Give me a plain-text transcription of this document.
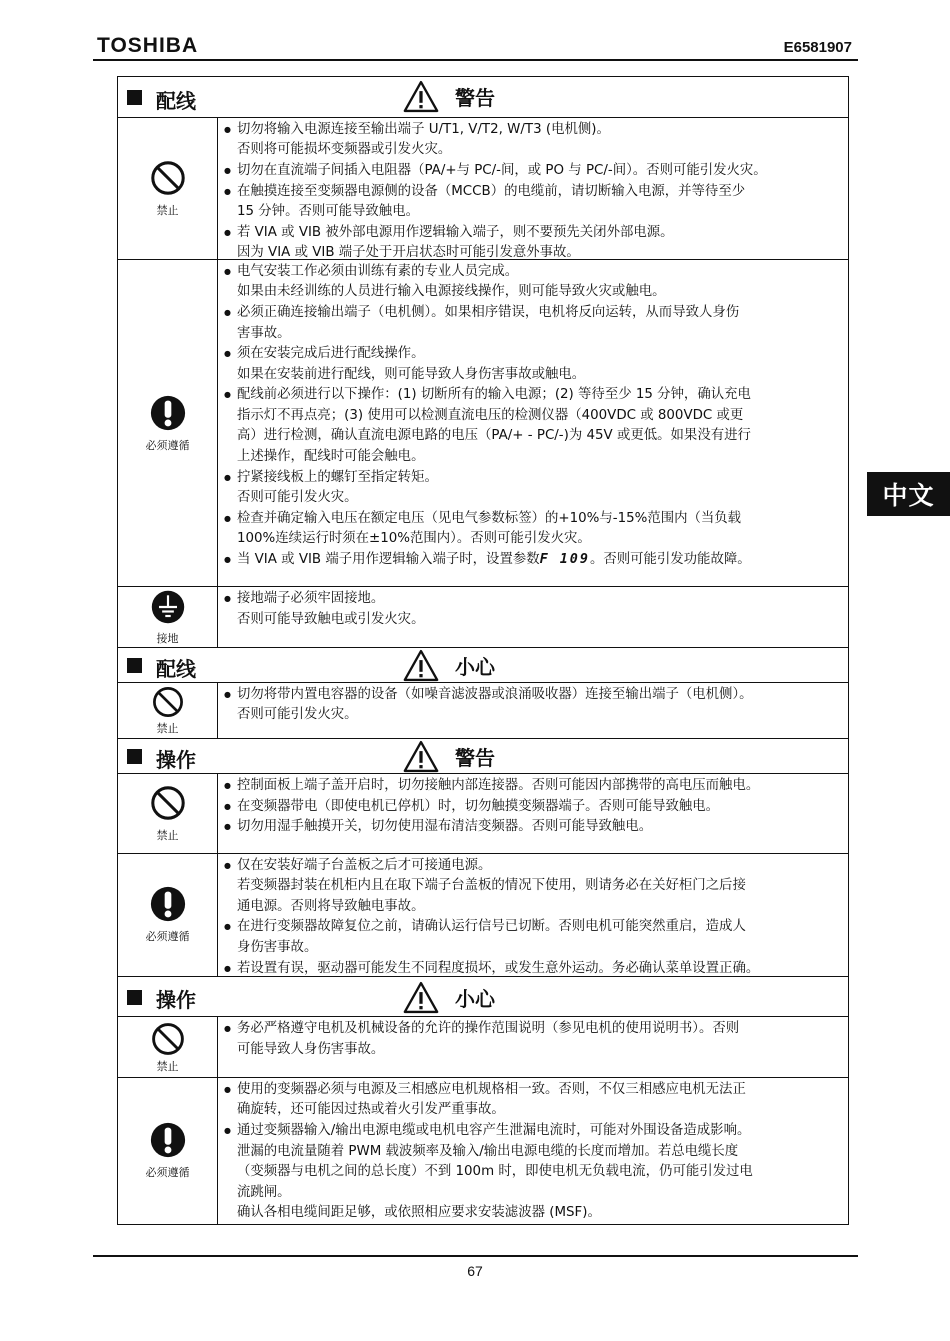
TOSHIBA	E6581907
中文
配线	警告
禁止
● 切勿将输入电源连接至输出端子 U/T1, V/T2, W/T3 (电机侧)。
否则将可能损坏变频器或引发火灾。
● 切勿在直流端子间插入电阻器（PA/+与 PC/-间，或 PO 与 PC/-间）。否则可能引发火灾。
● 在触摸连接至变频器电源侧的设备（MCCB）的电缆前，请切断输入电源，并等待至少
15 分钟。否则可能导致触电。
● 若 VIA 或 VIB 被外部电源用作逻辑输入端子，则不要预先关闭外部电源。
因为 VIA 或 VIB 端子处于开启状态时可能引发意外事故。
必须遵循
● 电气安装工作必须由训练有素的专业人员完成。
如果由未经训练的人员进行输入电源接线操作，则可能导致火灾或触电。
● 必须正确连接输出端子（电机侧）。如果相序错误，电机将反向运转，从而导致人身伤
害事故。
● 须在安装完成后进行配线操作。
如果在安装前进行配线，则可能导致人身伤害事故或触电。
● 配线前必须进行以下操作：(1) 切断所有的输入电源；(2) 等待至少 15 分钟，确认充电
指示灯不再点亮；(3) 使用可以检测直流电压的检测仪器（400VDC 或 800VDC 或更
高）进行检测，确认直流电源电路的电压（PA/+ - PC/-)为 45V 或更低。如果没有进行
上述操作，配线时可能会触电。
● 拧紧接线板上的螺钉至指定转矩。
否则可能引发火灾。
● 检查并确定输入电压在额定电压（见电气参数标签）的+10%与-15%范围内（当负载
100%连续运行时须在±10%范围内）。否则可能引发火灾。
● 当 VIA 或 VIB 端子用作逻辑输入端子时，设置参数F 109。否则可能引发功能故障。
接地
● 接地端子必须牢固接地。
否则可能导致触电或引发火灾。
配线	小心
禁止
● 切勿将带内置电容器的设备（如噪音滤波器或浪涌吸收器）连接至输出端子（电机侧）。
否则可能引发火灾。
操作	警告
禁止
● 控制面板上端子盖开启时，切勿接触内部连接器。否则可能因内部携带的高电压而触电。
● 在变频器带电（即使电机已停机）时，切勿触摸变频器端子。否则可能导致触电。
● 切勿用湿手触摸开关，切勿使用湿布清洁变频器。否则可能导致触电。
必须遵循
● 仅在安装好端子台盖板之后才可接通电源。
若变频器封装在机柜内且在取下端子台盖板的情况下使用，则请务必在关好柜门之后接
通电源。否则将导致触电事故。
● 在进行变频器故障复位之前，请确认运行信号已切断。否则电机可能突然重启，造成人
身伤害事故。
● 若设置有误，驱动器可能发生不同程度损坏，或发生意外运动。务必确认菜单设置正确。
操作	小心
禁止
● 务必严格遵守电机及机械设备的允许的操作范围说明（参见电机的使用说明书）。否则
可能导致人身伤害事故。
必须遵循
● 使用的变频器必须与电源及三相感应电机规格相一致。否则，不仅三相感应电机无法正
确旋转，还可能因过热或着火引发严重事故。
● 通过变频器输入/输出电源电缆或电机电容产生泄漏电流时，可能对外围设备造成影响。
泄漏的电流量随着 PWM 载波频率及输入/输出电源电缆的长度而增加。若总电缆长度
（变频器与电机之间的总长度）不到 100m 时，即使电机无负载电流，仍可能引发过电
流跳闸。
确认各相电缆间距足够，或依照相应要求安装滤波器 (MSF)。
67
